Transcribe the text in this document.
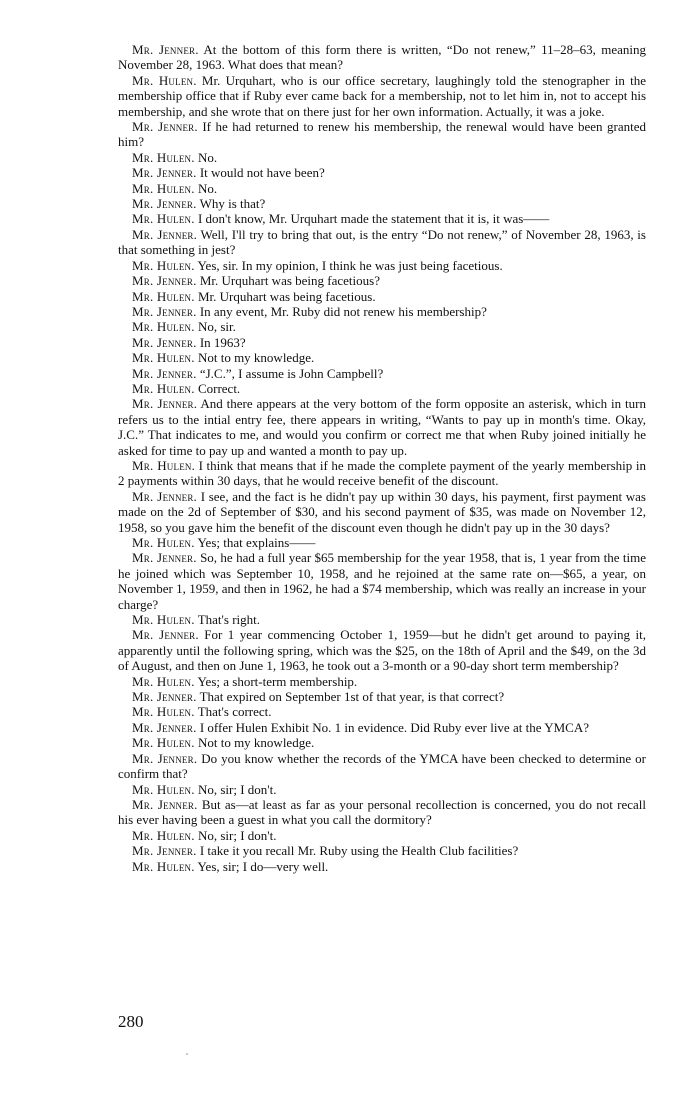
Mr. Jenner. At the bottom of this form there is written, “Do not renew,” 11–28–63, meaning November 28, 1963. What does that mean?

Mr. Hulen. Mr. Urquhart, who is our office secretary, laughingly told the stenographer in the membership office that if Ruby ever came back for a membership, not to let him in, not to accept his membership, and she wrote that on there just for her own information. Actually, it was a joke.

Mr. Jenner. If he had returned to renew his membership, the renewal would have been granted him?

Mr. Hulen. No.

Mr. Jenner. It would not have been?

Mr. Hulen. No.

Mr. Jenner. Why is that?

Mr. Hulen. I don't know, Mr. Urquhart made the statement that it is, it was——

Mr. Jenner. Well, I'll try to bring that out, is the entry “Do not renew,” of November 28, 1963, is that something in jest?

Mr. Hulen. Yes, sir. In my opinion, I think he was just being facetious.

Mr. Jenner. Mr. Urquhart was being facetious?

Mr. Hulen. Mr. Urquhart was being facetious.

Mr. Jenner. In any event, Mr. Ruby did not renew his membership?

Mr. Hulen. No, sir.

Mr. Jenner. In 1963?

Mr. Hulen. Not to my knowledge.

Mr. Jenner. “J.C.”, I assume is John Campbell?

Mr. Hulen. Correct.

Mr. Jenner. And there appears at the very bottom of the form opposite an asterisk, which in turn refers us to the intial entry fee, there appears in writing, “Wants to pay up in month's time. Okay, J.C.” That indicates to me, and would you confirm or correct me that when Ruby joined initially he asked for time to pay up and wanted a month to pay up.

Mr. Hulen. I think that means that if he made the complete payment of the yearly membership in 2 payments within 30 days, that he would receive benefit of the discount.

Mr. Jenner. I see, and the fact is he didn't pay up within 30 days, his payment, first payment was made on the 2d of September of $30, and his second payment of $35, was made on November 12, 1958, so you gave him the benefit of the discount even though he didn't pay up in the 30 days?

Mr. Hulen. Yes; that explains——

Mr. Jenner. So, he had a full year $65 membership for the year 1958, that is, 1 year from the time he joined which was September 10, 1958, and he rejoined at the same rate on—$65, a year, on November 1, 1959, and then in 1962, he had a $74 membership, which was really an increase in your charge?

Mr. Hulen. That's right.

Mr. Jenner. For 1 year commencing October 1, 1959—but he didn't get around to paying it, apparently until the following spring, which was the $25, on the 18th of April and the $49, on the 3d of August, and then on June 1, 1963, he took out a 3-month or a 90-day short term membership?

Mr. Hulen. Yes; a short-term membership.

Mr. Jenner. That expired on September 1st of that year, is that correct?

Mr. Hulen. That's correct.

Mr. Jenner. I offer Hulen Exhibit No. 1 in evidence. Did Ruby ever live at the YMCA?

Mr. Hulen. Not to my knowledge.

Mr. Jenner. Do you know whether the records of the YMCA have been checked to determine or confirm that?

Mr. Hulen. No, sir; I don't.

Mr. Jenner. But as—at least as far as your personal recollection is concerned, you do not recall his ever having been a guest in what you call the dormitory?

Mr. Hulen. No, sir; I don't.

Mr. Jenner. I take it you recall Mr. Ruby using the Health Club facilities?

Mr. Hulen. Yes, sir; I do—very well.

280
